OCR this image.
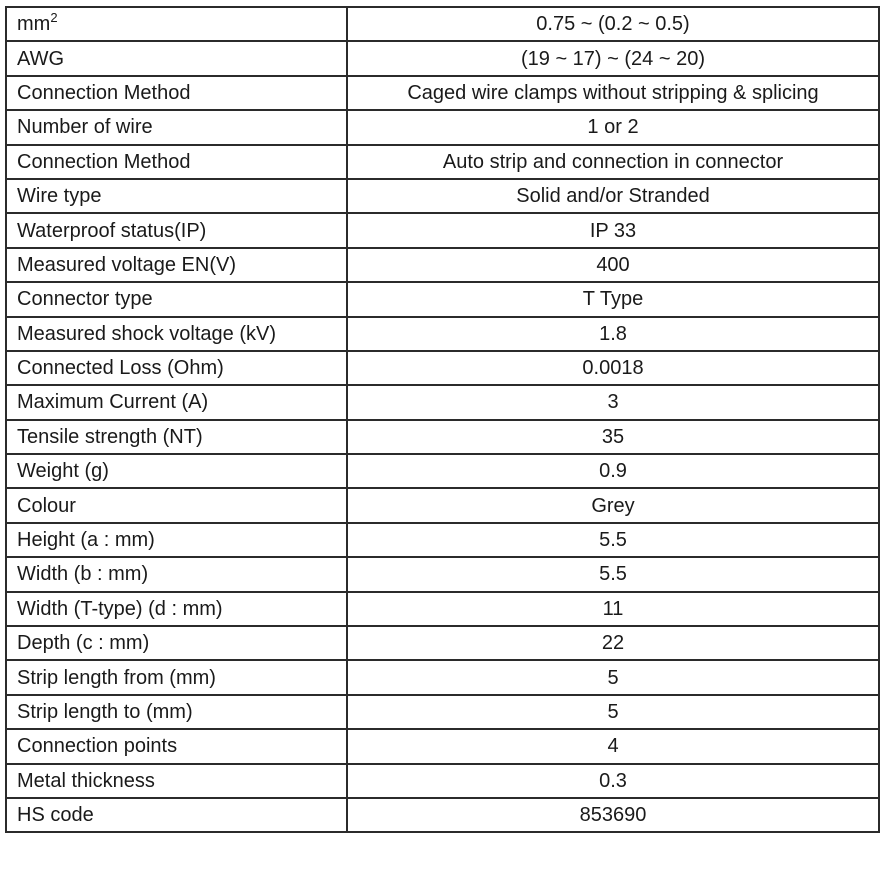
$mm^2$	0.75 ~ (0.2 ~ 0.5)
AWG	(19 ~ 17) ~ (24 ~ 20)
Connection Method	Caged wire clamps without stripping & splicing
Number of wire	1 or 2
Connection Method	Auto strip and connection in connector
Wire type	Solid and/or Stranded
Waterproof status(IP)	IP 33
Measured voltage EN(V)	400
Connector type	T Type
Measured shock voltage (kV)	1.8
Connected Loss (Ohm)	0.0018
Maximum Current (A)	3
Tensile strength (NT)	35
Weight (g)	0.9
Colour	Grey
Height (a : mm)	5.5
Width (b : mm)	5.5
Width (T-type) (d : mm)	11
Depth (c : mm)	22
Strip length from (mm)	5
Strip length to (mm)	5
Connection points	4
Metal thickness	0.3
HS code	853690
